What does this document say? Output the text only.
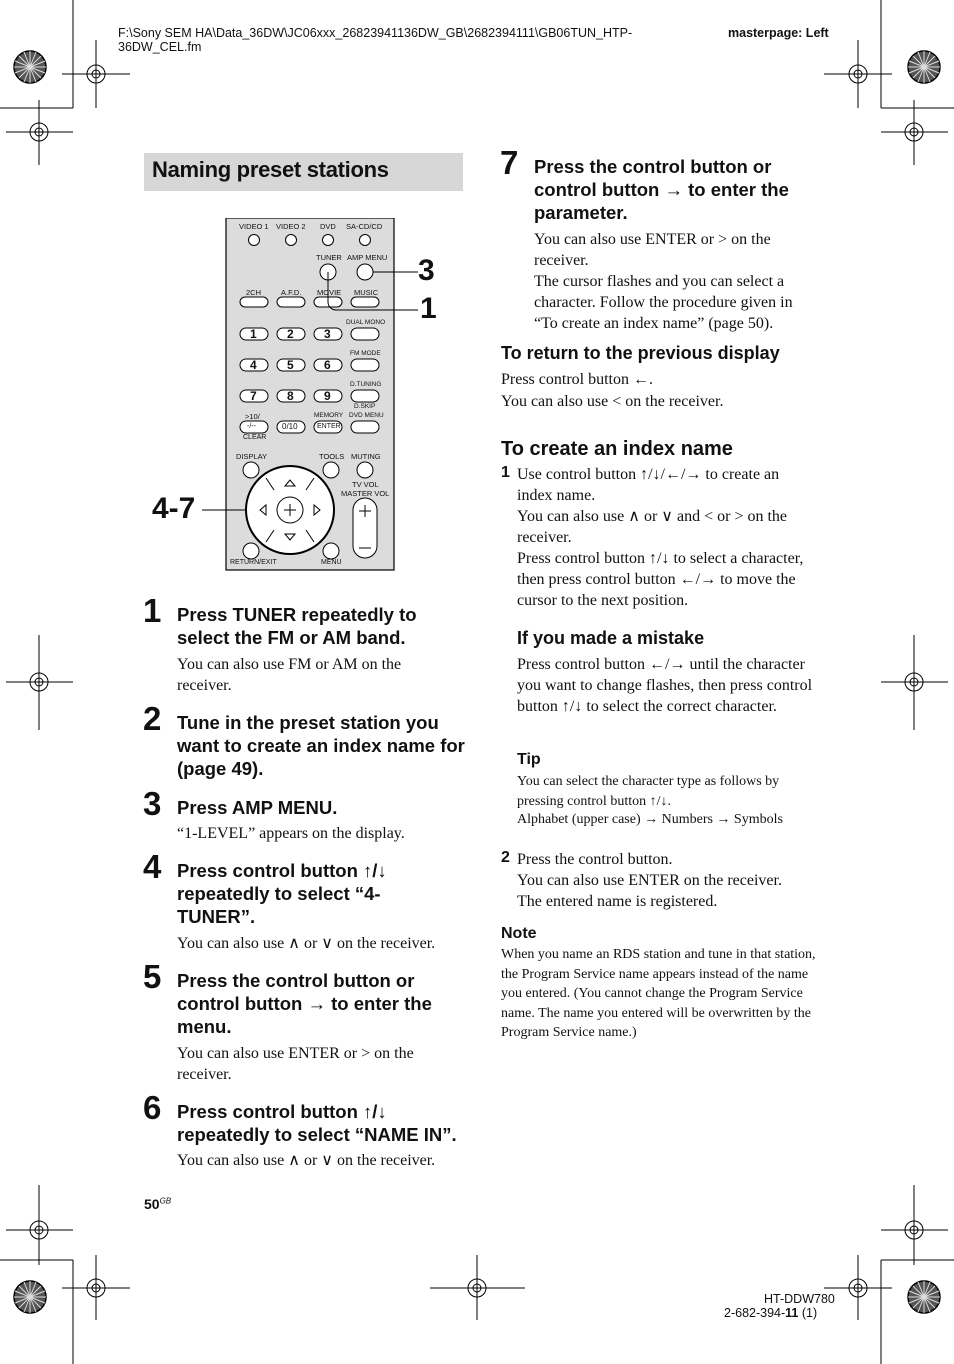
F:\Sony SEM HA\Data_36DW\JC06xxx_26823941136DW_GB\2682394111\GB06TUN_HTP-36DW_CEL.fm
masterpage: Left
Naming preset stations
VIDEO 1 VIDEO 2 DVD SA-CD/CD
TUNER AMP MENU
2CH	A.F.D. MOVIE MUSIC
1	2	3
4	5	6
7	8	9
DUAL MONO
FM MODE
D.TUNING
D.SKIP
DVD MENU
>10/
-/--
CLEAR
0/10
MEMORY
ENTER
DISPLAY	TOOLS MUTING
TV VOL
MASTER VOL
RETURN/EXIT	MENU
3
1
4-7
1 Press TUNER repeatedly to select the FM or AM band.
You can also use FM or AM on the receiver.
2 Tune in the preset station you want to create an index name for (page 49).
3 Press AMP MENU.
“1-LEVEL” appears on the display.
4 Press control button ↑/↓ repeatedly to select “4-TUNER”.
You can also use ∧ or ∨ on the receiver.
5 Press the control button or control button → to enter the menu.
You can also use ENTER or > on the receiver.
6 Press control button ↑/↓ repeatedly to select “NAME IN”.
You can also use ∧ or ∨ on the receiver.
7 Press the control button or control button → to enter the parameter.
You can also use ENTER or > on the receiver.
The cursor flashes and you can select a character. Follow the procedure given in “To create an index name” (page 50).
To return to the previous display
Press control button ←.
You can also use < on the receiver.
To create an index name
1 Use control button ↑/↓/←/→ to create an index name.
You can also use ∧ or ∨ and < or > on the receiver.
Press control button ↑/↓ to select a character, then press control button ←/→ to move the cursor to the next position.
If you made a mistake
Press control button ←/→ until the character you want to change flashes, then press control button ↑/↓ to select the correct character.
Tip
You can select the character type as follows by pressing control button ↑/↓.
Alphabet (upper case) → Numbers → Symbols
2 Press the control button.
You can also use ENTER on the receiver.
The entered name is registered.
Note
When you name an RDS station and tune in that station, the Program Service name appears instead of the name you entered. (You cannot change the Program Service name. The name you entered will be overwritten by the Program Service name.)
$50^{GB}$
HT-DDW780
2-682-394-11 (1)
